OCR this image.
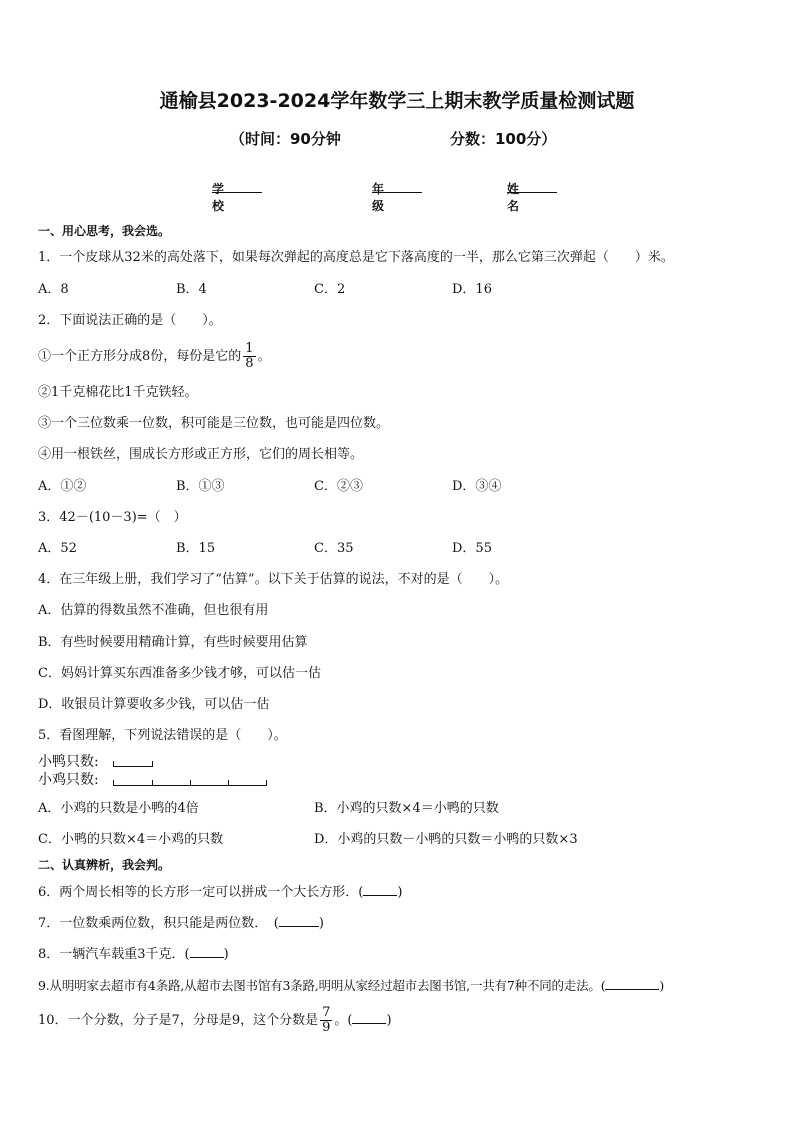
通榆县2023-2024学年数学三上期末教学质量检测试题
（时间：90分钟	分数：100分）
学校
年级
姓名
一、用心思考，我会选。
1．一个皮球从32米的高处落下，如果每次弹起的高度总是它下落高度的一半，那么它第三次弹起（　　）米。
A．8	B．4	C．2	D．16
2．下面说法正确的是（　　）。
①一个正方形分成8份，每份是它的 $\frac{1}{8}$ 。
②1千克棉花比1千克铁轻。
③一个三位数乘一位数，积可能是三位数，也可能是四位数。
④用一根铁丝，围成长方形或正方形，它们的周长相等。
A．①②	B．①③	C．②③	D．③④
3．42－(10－3)=（　）
A．52	B．15	C．35	D．55
4．在三年级上册，我们学习了“估算”。以下关于估算的说法，不对的是（　　）。
A．估算的得数虽然不准确，但也很有用
B．有些时候要用精确计算，有些时候要用估算
C．妈妈计算买东西准备多少钱才够，可以估一估
D．收银员计算要收多少钱，可以估一估
5．看图理解，下列说法错误的是（　　）。
小鸭只数:
小鸡只数:
A．小鸡的只数是小鸭的4倍	B．小鸡的只数×4＝小鸭的只数
C．小鸭的只数×4＝小鸡的只数	D．小鸡的只数－小鸭的只数＝小鸭的只数×3
二、认真辨析，我会判。
6．两个周长相等的长方形一定可以拼成一个大长方形．(	)
7．一位数乘两位数，积只能是两位数．　(	)
8．一辆汽车载重3千克．(	)
9.从明明家去超市有4条路,从超市去图书馆有3条路,明明从家经过超市去图书馆,一共有7种不同的走法。(	)
10．一个分数，分子是7，分母是9，这个分数是 $\frac{7}{9}$ 。(	)
